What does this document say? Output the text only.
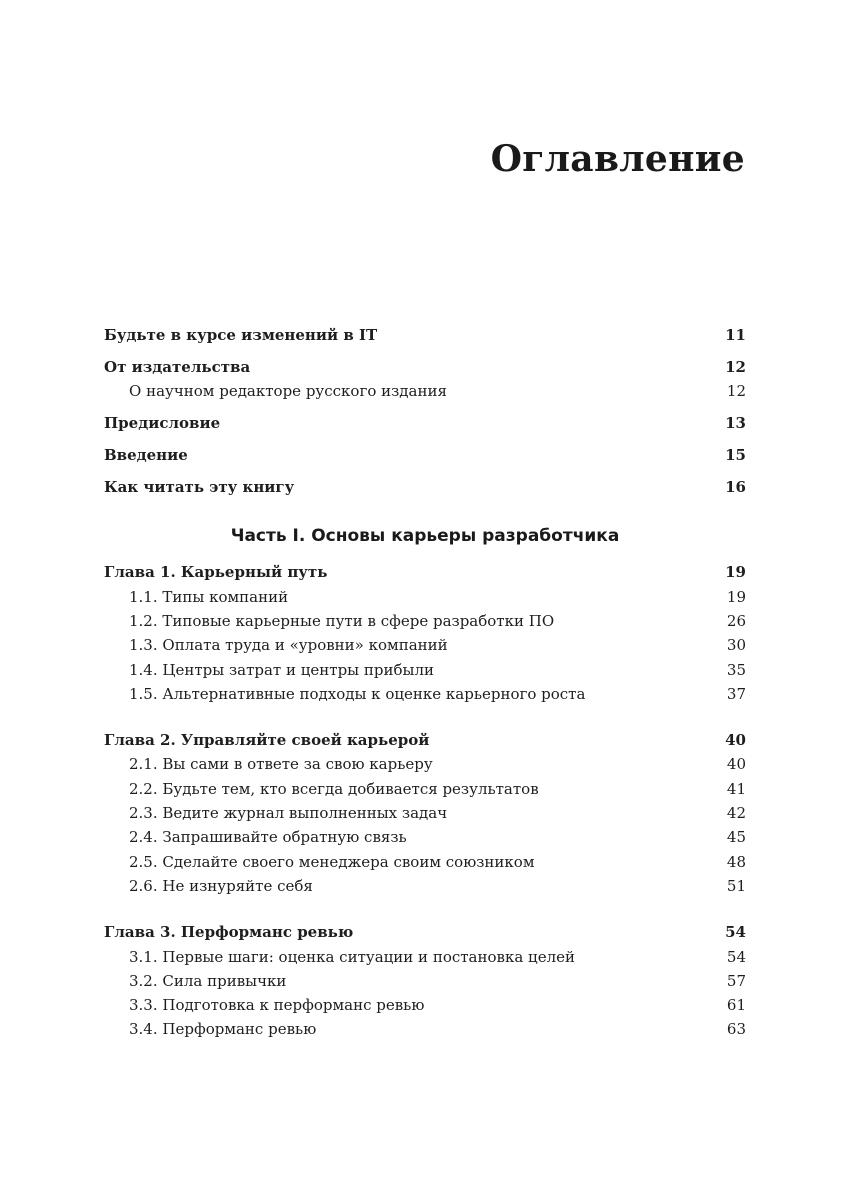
Оглавление
Будьте в курсе изменений в IT	11
От издательства	12
О научном редакторе русского издания	12
Предисловие	13
Введение	15
Как читать эту книгу	16
Часть I. Основы карьеры разработчика
Глава 1. Карьерный путь	19
1.1. Типы компаний	19
1.2. Типовые карьерные пути в сфере разработки ПО	26
1.3. Оплата труда и «уровни» компаний	30
1.4. Центры затрат и центры прибыли	35
1.5. Альтернативные подходы к оценке карьерного роста	37
Глава 2. Управляйте своей карьерой	40
2.1. Вы сами в ответе за свою карьеру	40
2.2. Будьте тем, кто всегда добивается результатов	41
2.3. Ведите журнал выполненных задач	42
2.4. Запрашивайте обратную связь	45
2.5. Сделайте своего менеджера своим союзником	48
2.6. Не изнуряйте себя	51
Глава 3. Перформанс ревью	54
3.1. Первые шаги: оценка ситуации и постановка целей	54
3.2. Сила привычки	57
3.3. Подготовка к перформанс ревью	61
3.4. Перформанс ревью	63
